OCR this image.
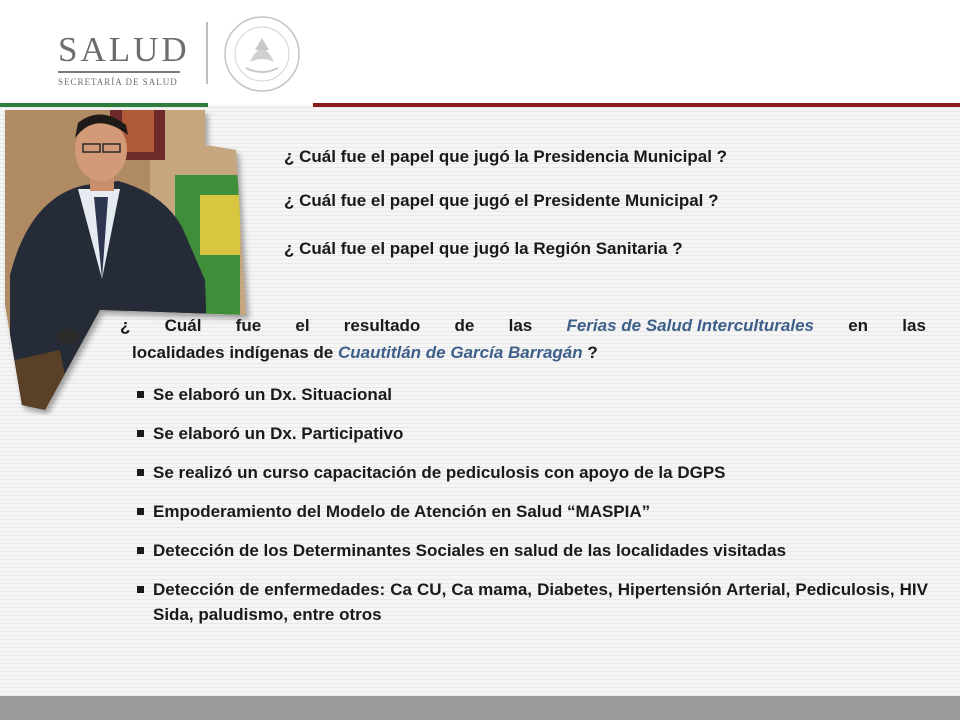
SALUD
SECRETARÍA DE SALUD
¿ Cuál fue el papel que jugó la Presidencia Municipal ?
¿ Cuál fue el papel que jugó el Presidente Municipal ?
¿ Cuál fue el papel que jugó la Región Sanitaria ?
¿ Cuál fue el resultado de las Ferias de Salud Interculturales en las
localidades indígenas de Cuautitlán de García Barragán ?
Se elaboró un Dx. Situacional
Se elaboró un Dx. Participativo
Se realizó un curso capacitación de pediculosis con apoyo de la DGPS
Empoderamiento del Modelo de Atención en Salud “MASPIA”
Detección de los Determinantes Sociales en salud de las localidades visitadas
Detección de enfermedades: Ca CU, Ca mama, Diabetes, Hipertensión Arterial, Pediculosis, HIV Sida, paludismo, entre otros
